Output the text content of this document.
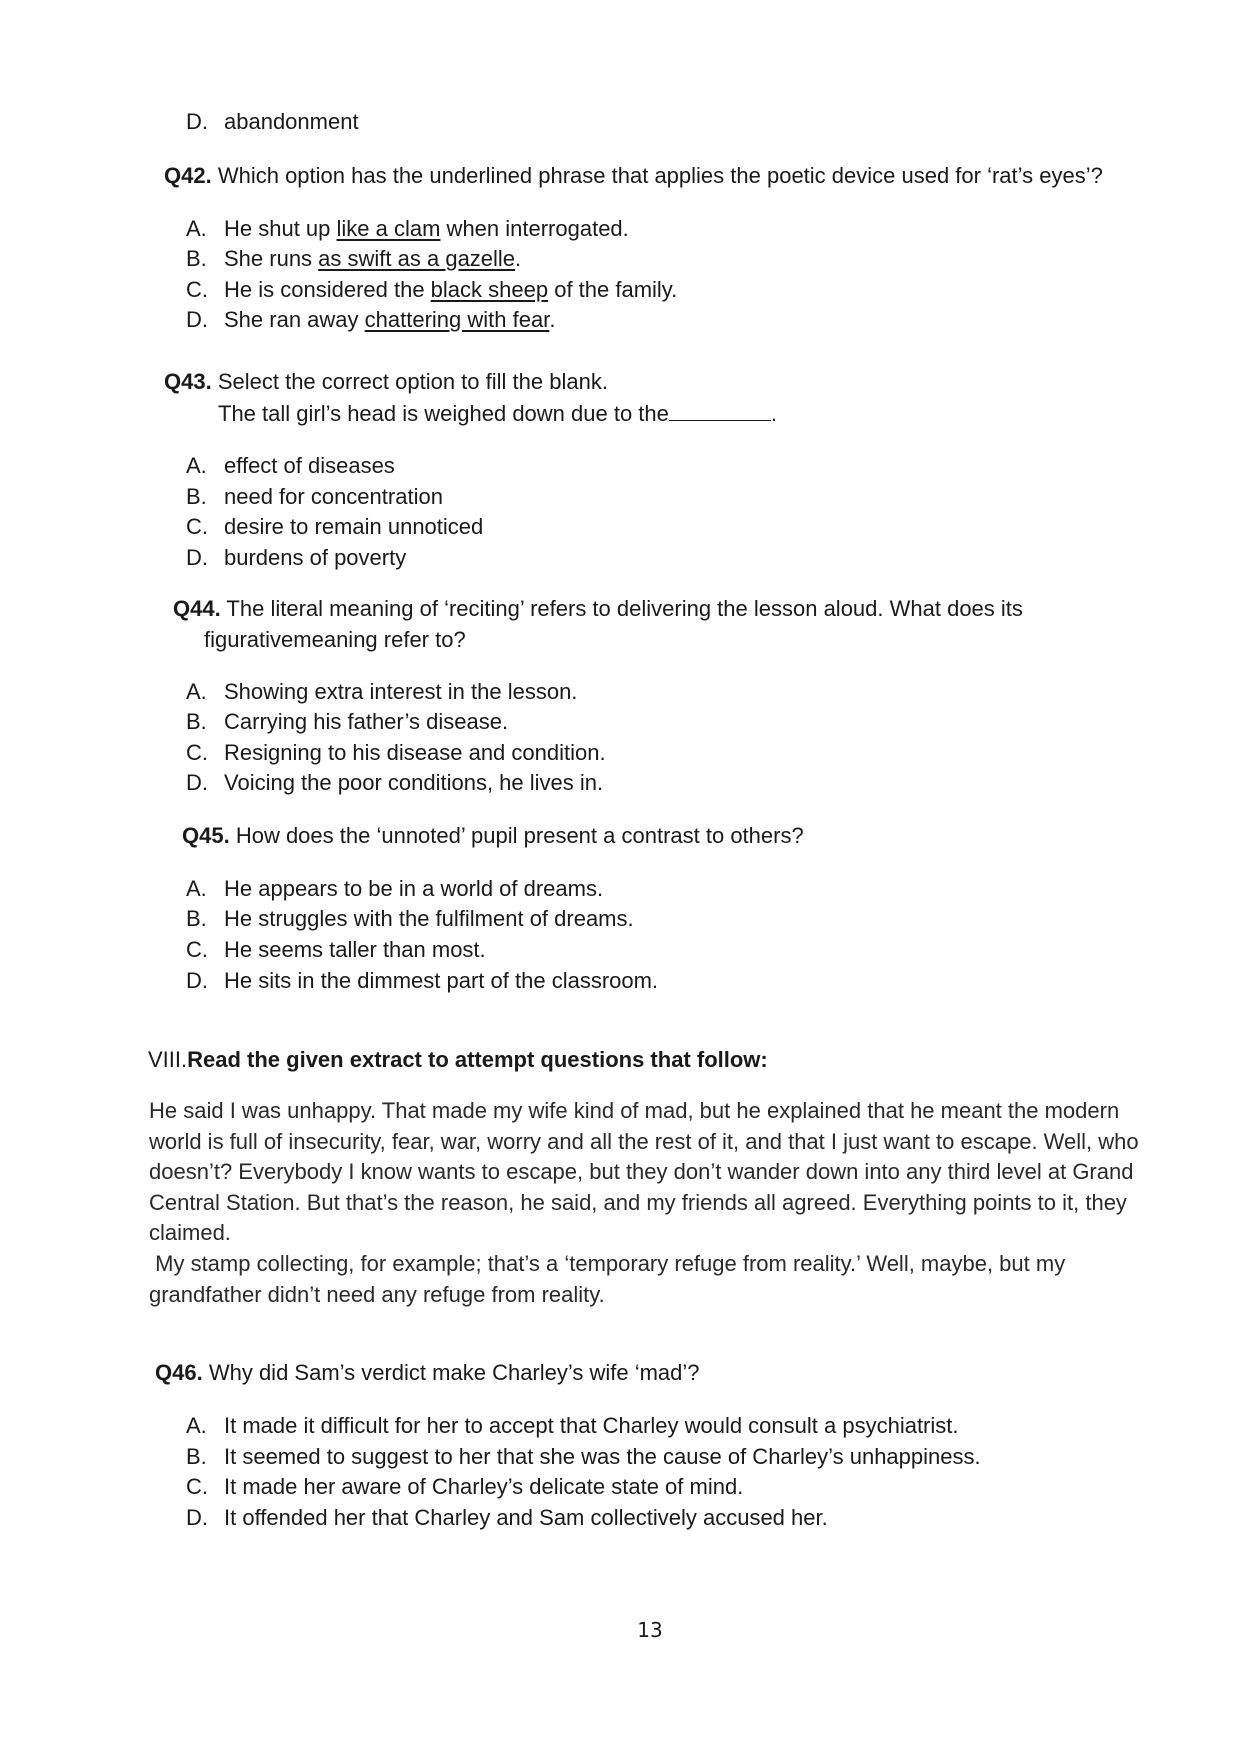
D. abandonment
Q42. Which option has the underlined phrase that applies the poetic device used for ‘rat’s eyes’?
A. He shut up like a clam when interrogated.
B. She runs as swift as a gazelle.
C. He is considered the black sheep of the family.
D. She ran away chattering with fear.
Q43. Select the correct option to fill the blank.
The tall girl’s head is weighed down due to the	.
A. effect of diseases
B. need for concentration
C. desire to remain unnoticed
D. burdens of poverty
Q44. The literal meaning of ‘reciting’ refers to delivering the lesson aloud. What does its
figurativemeaning refer to?
A. Showing extra interest in the lesson.
B. Carrying his father’s disease.
C. Resigning to his disease and condition.
D. Voicing the poor conditions, he lives in.
Q45. How does the ‘unnoted’ pupil present a contrast to others?
A. He appears to be in a world of dreams.
B. He struggles with the fulfilment of dreams.
C. He seems taller than most.
D. He sits in the dimmest part of the classroom.
VIII.Read the given extract to attempt questions that follow:
He said I was unhappy. That made my wife kind of mad, but he explained that he meant the modern world is full of insecurity, fear, war, worry and all the rest of it, and that I just want to escape. Well, who doesn’t? Everybody I know wants to escape, but they don’t wander down into any third level at Grand Central Station. But that’s the reason, he said, and my friends all agreed. Everything points to it, they claimed.
My stamp collecting, for example; that’s a ‘temporary refuge from reality.’ Well, maybe, but my grandfather didn’t need any refuge from reality.
Q46. Why did Sam’s verdict make Charley’s wife ‘mad’?
A. It made it difficult for her to accept that Charley would consult a psychiatrist.
B. It seemed to suggest to her that she was the cause of Charley’s unhappiness.
C. It made her aware of Charley’s delicate state of mind.
D. It offended her that Charley and Sam collectively accused her.
13
